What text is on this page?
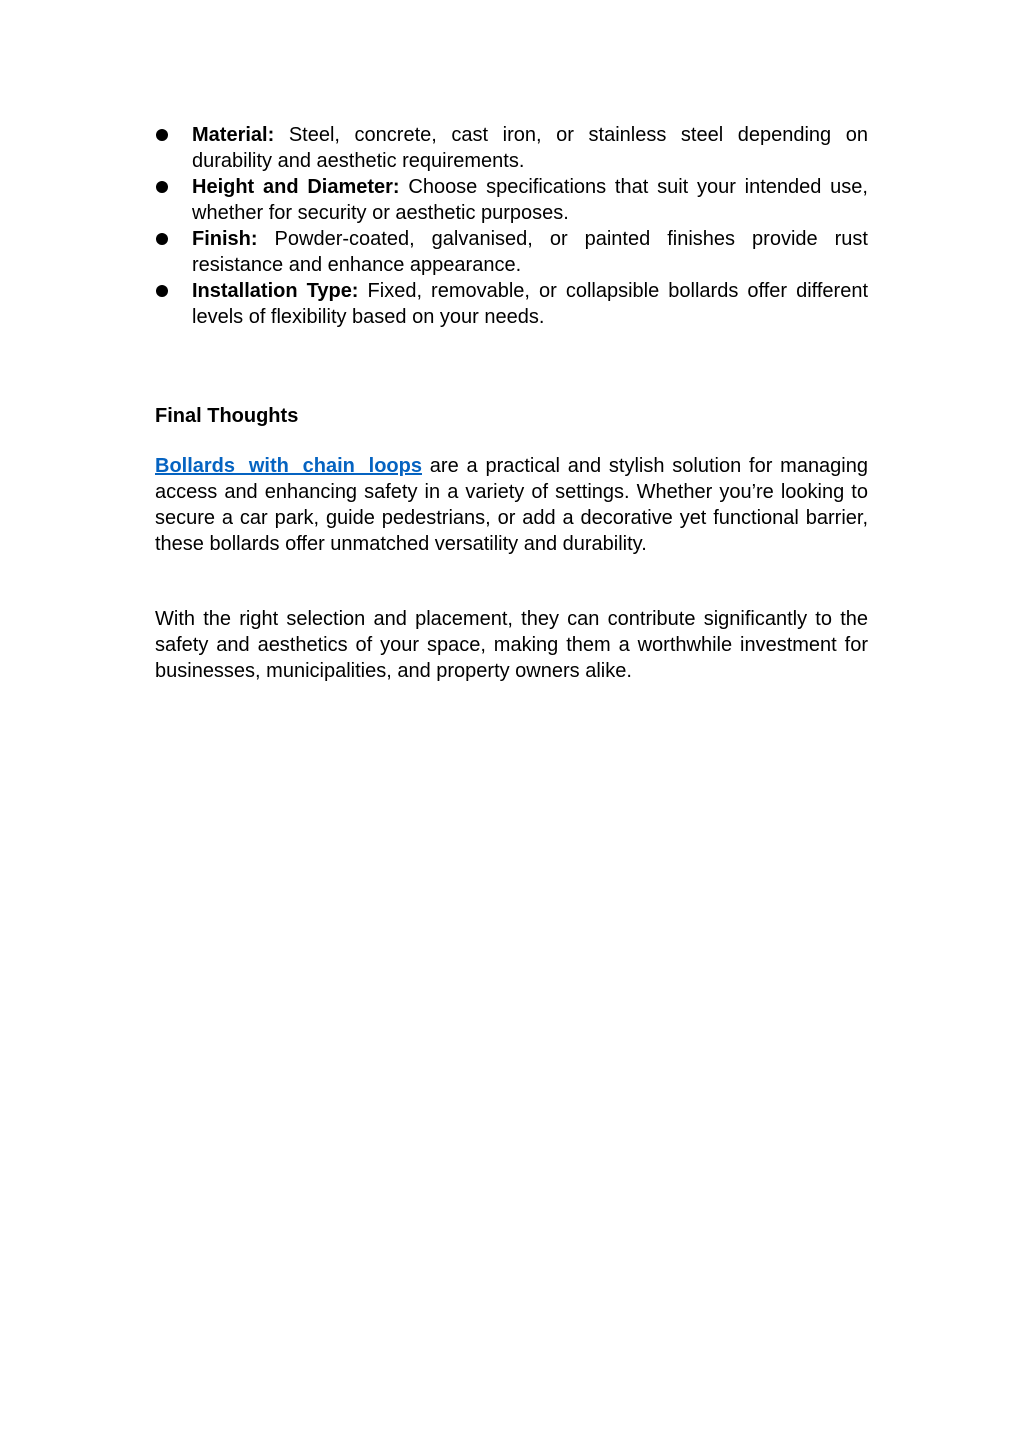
Material: Steel, concrete, cast iron, or stainless steel depending on durability and aesthetic requirements.
Height and Diameter: Choose specifications that suit your intended use, whether for security or aesthetic purposes.
Finish: Powder-coated, galvanised, or painted finishes provide rust resistance and enhance appearance.
Installation Type: Fixed, removable, or collapsible bollards offer different levels of flexibility based on your needs.
Final Thoughts

Bollards with chain loops are a practical and stylish solution for managing access and enhancing safety in a variety of settings. Whether you’re looking to secure a car park, guide pedestrians, or add a decorative yet functional barrier, these bollards offer unmatched versatility and durability.

With the right selection and placement, they can contribute significantly to the safety and aesthetics of your space, making them a worthwhile investment for businesses, municipalities, and property owners alike.
